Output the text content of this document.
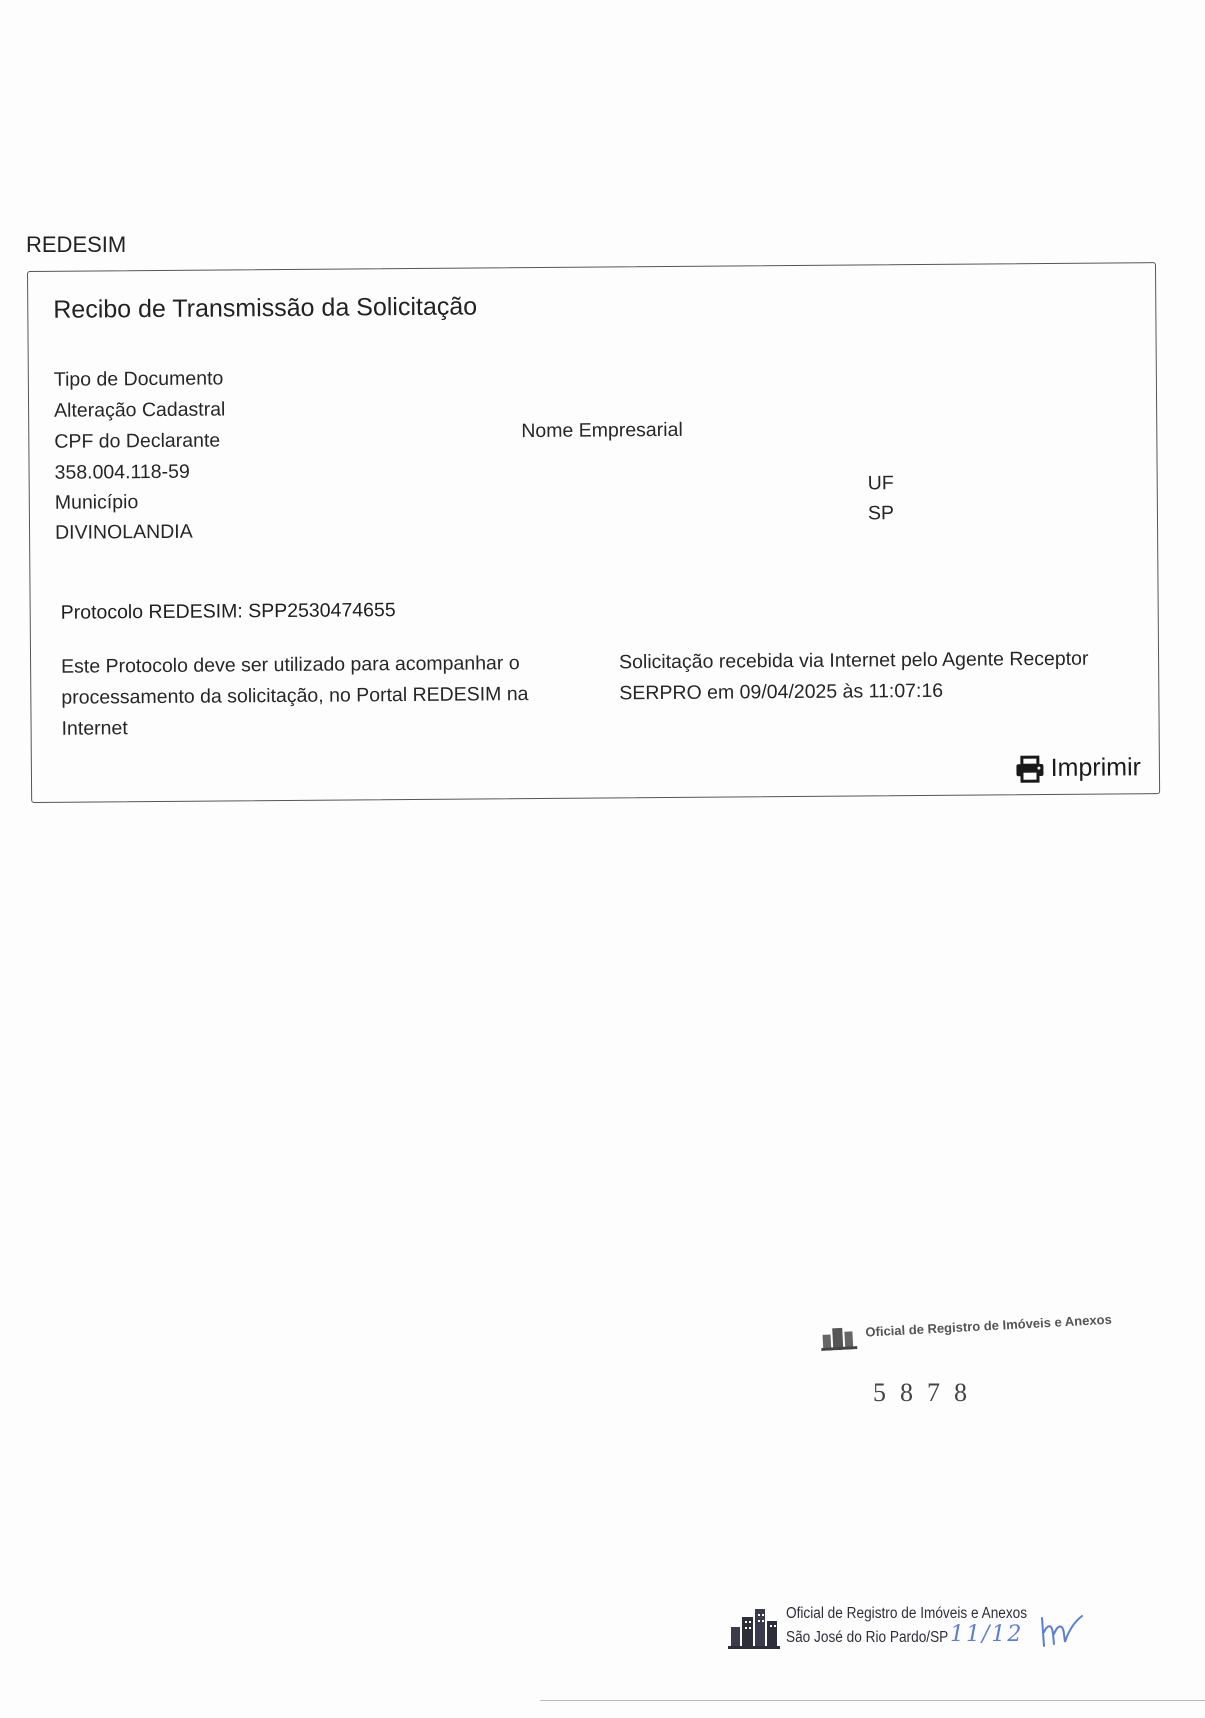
REDESIM
Recibo de Transmissão da Solicitação
Tipo de Documento
Alteração Cadastral
CPF do Declarante
358.004.118-59
Município
DIVINOLANDIA
Nome Empresarial
UF
SP
Protocolo REDESIM: SPP2530474655
Este Protocolo deve ser utilizado para acompanhar o
processamento da solicitação, no Portal REDESIM na
Internet
Solicitação recebida via Internet pelo Agente Receptor
SERPRO em 09/04/2025 às 11:07:16
Imprimir
Oficial de Registro de Imóveis e Anexos
5878
Oficial de Registro de Imóveis e Anexos
São José do Rio Pardo/SP 11/12
